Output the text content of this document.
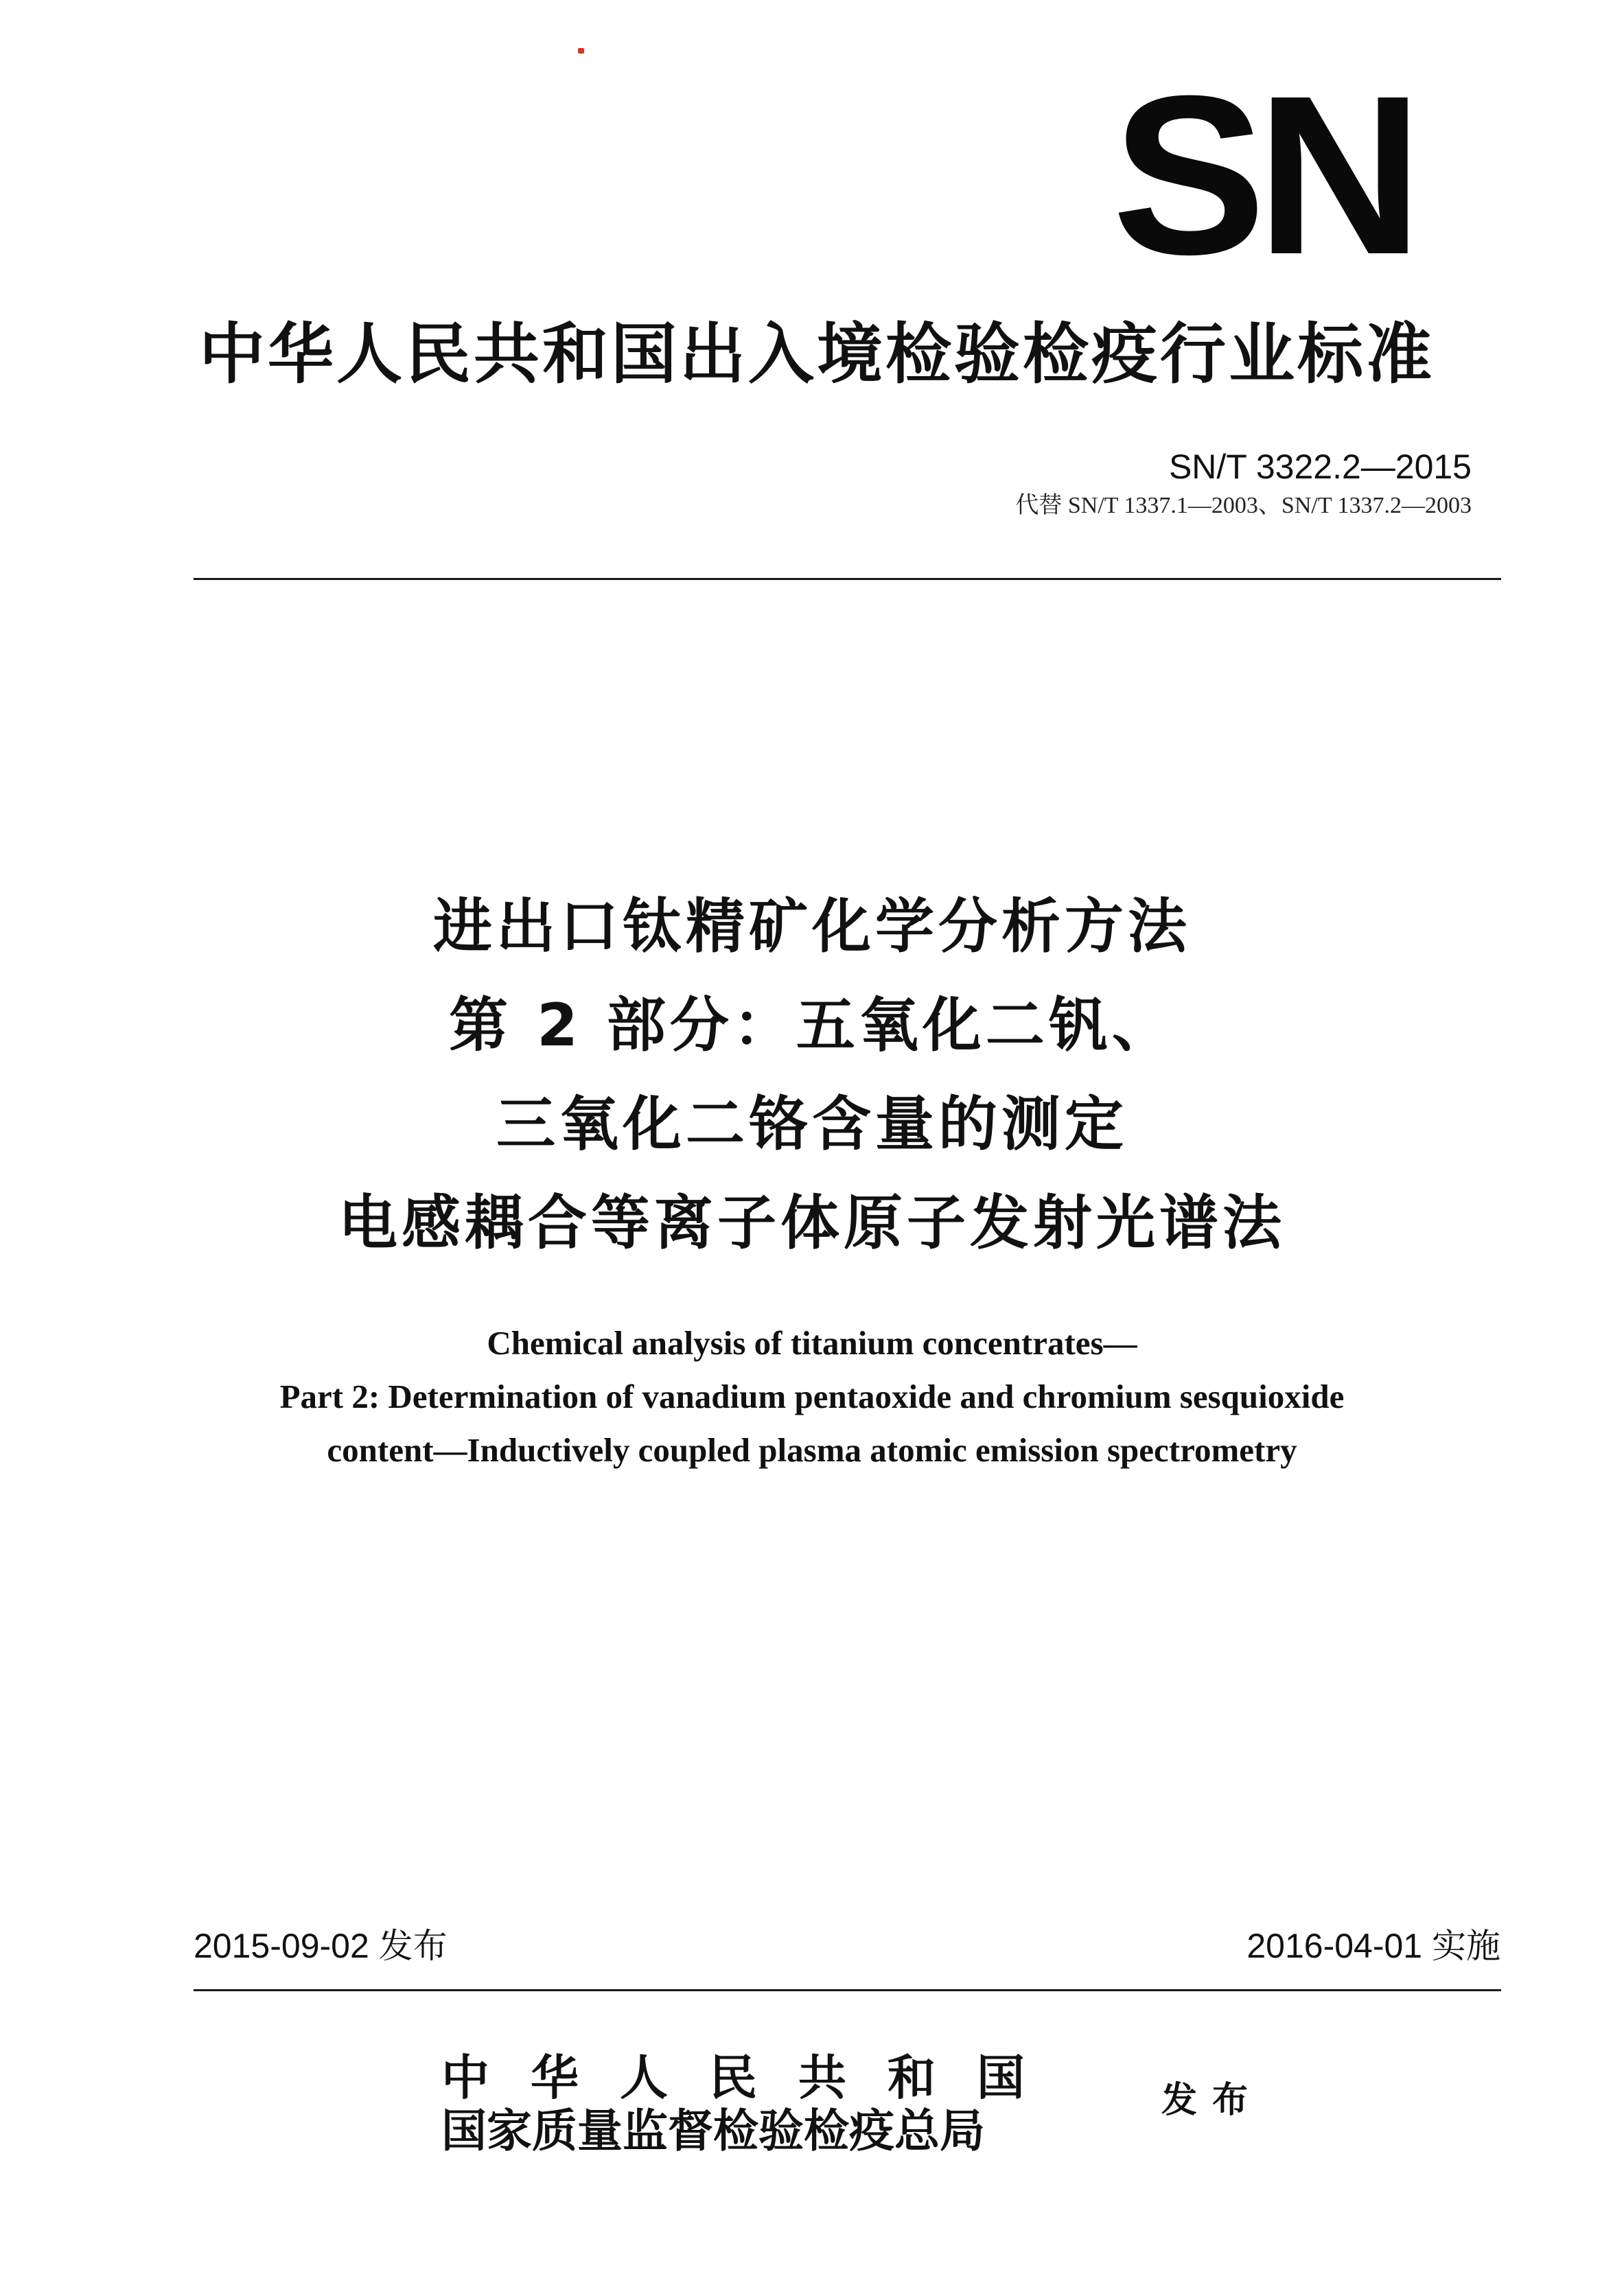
SN
中华人民共和国出入境检验检疫行业标准
SN/T 3322.2—2015
代替 SN/T 1337.1—2003、SN/T 1337.2—2003
进出口钛精矿化学分析方法
第 2 部分：五氧化二钒、
三氧化二铬含量的测定
电感耦合等离子体原子发射光谱法
Chemical analysis of titanium concentrates—
Part 2: Determination of vanadium pentaoxide and chromium sesquioxide
content—Inductively coupled plasma atomic emission spectrometry
2015-09-02 发布	2016-04-01 实施
中华人民共和国
国家质量监督检验检疫总局
发布
